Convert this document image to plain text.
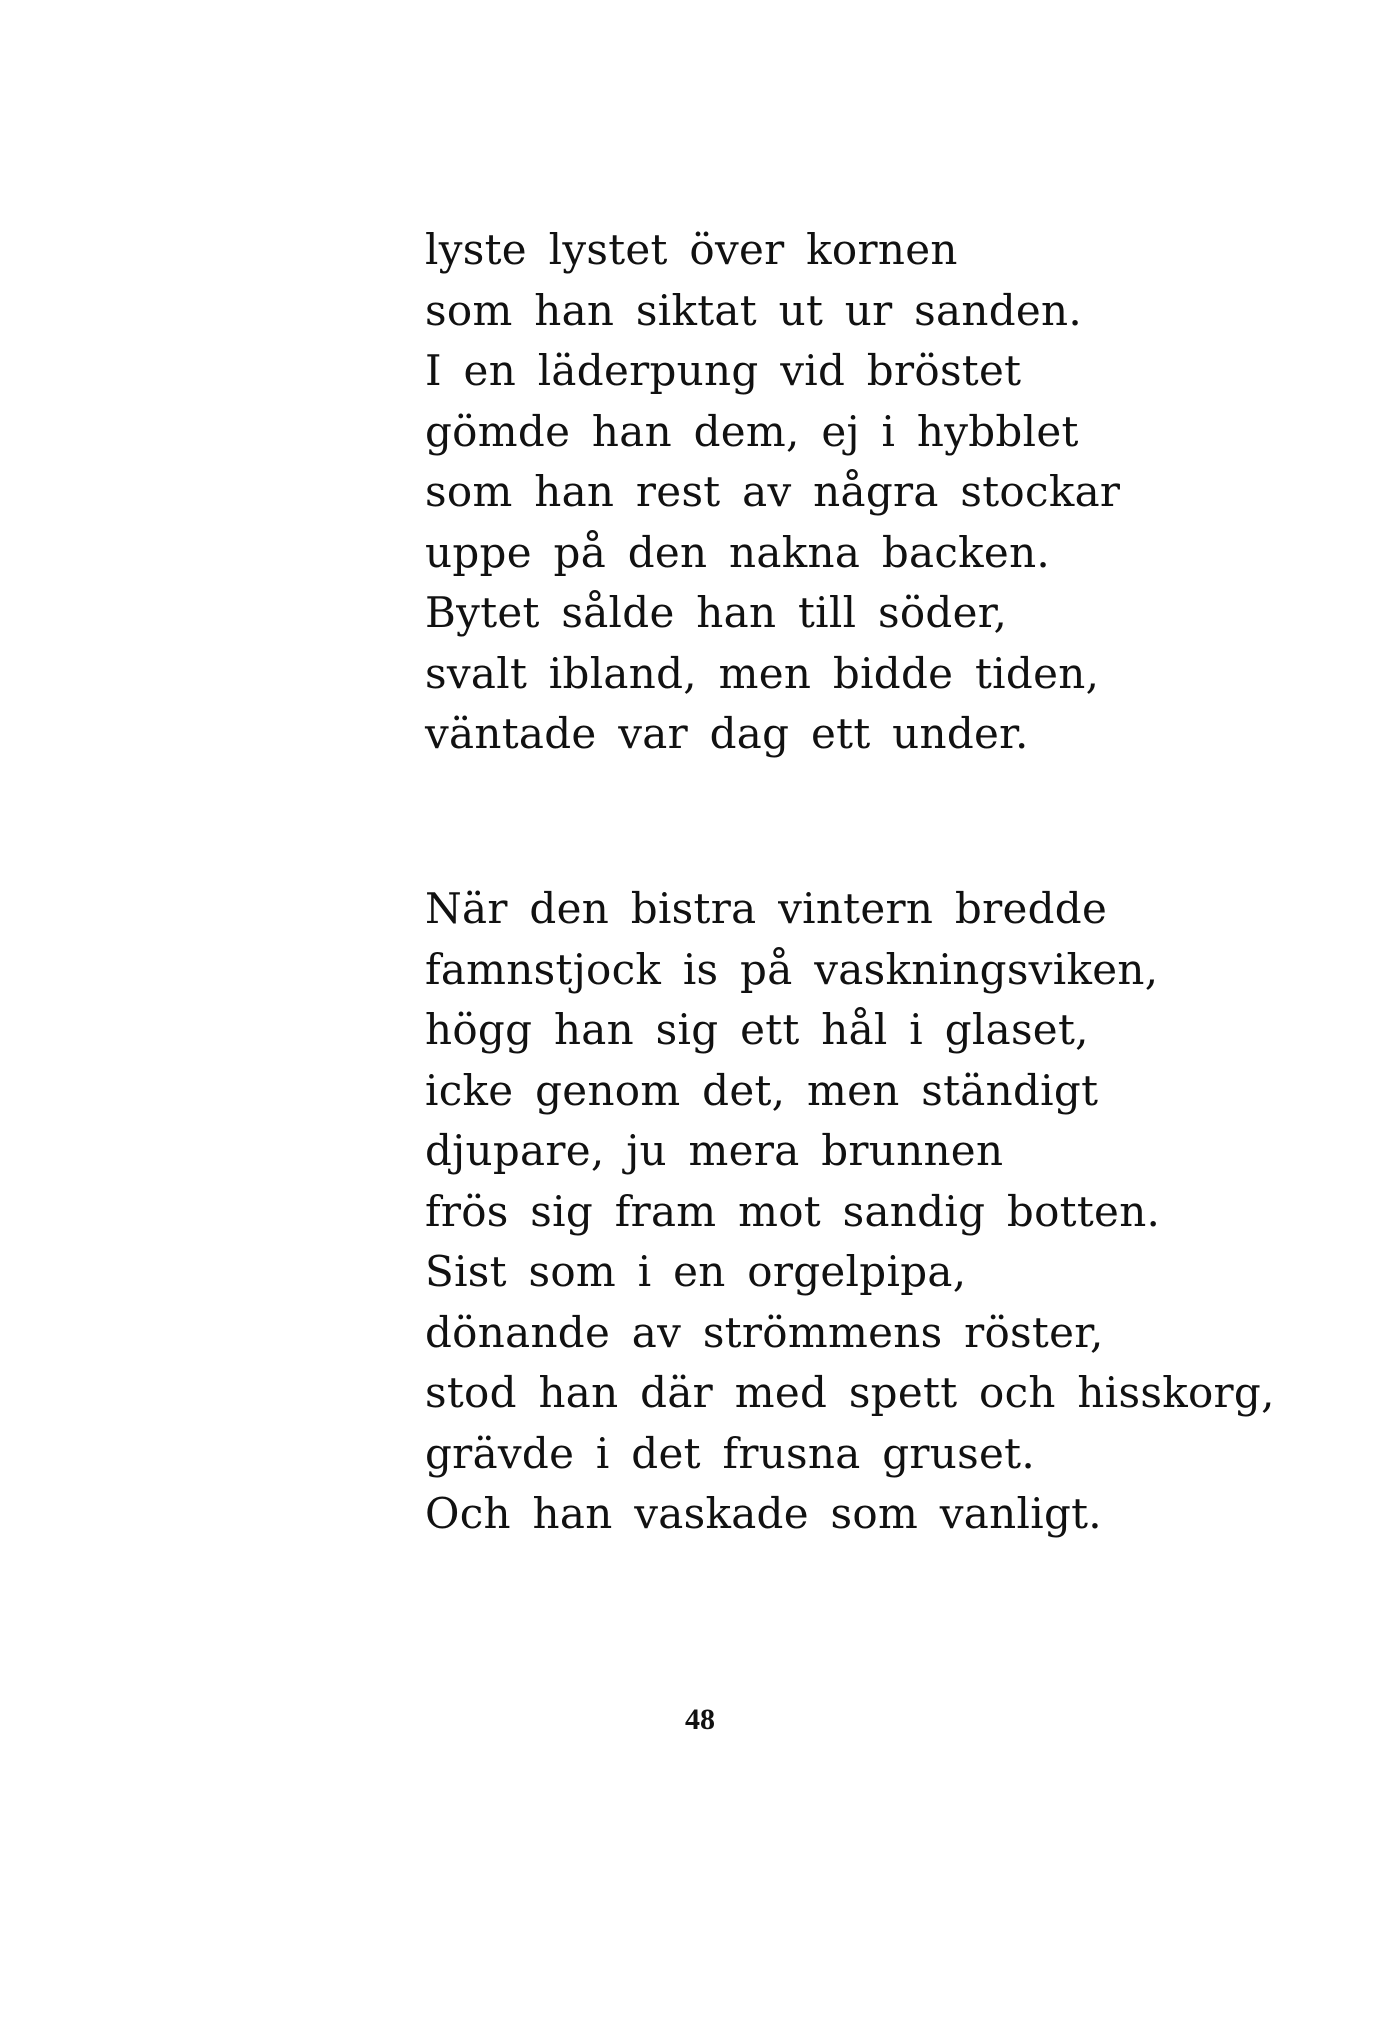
lyste lystet över kornen
som han siktat ut ur sanden.
I en läderpung vid bröstet
gömde han dem, ej i hybblet
som han rest av några stockar
uppe på den nakna backen.
Bytet sålde han till söder,
svalt ibland, men bidde tiden,
väntade var dag ett under.
När den bistra vintern bredde
famnstjock is på vaskningsviken,
högg han sig ett hål i glaset,
icke genom det, men ständigt
djupare, ju mera brunnen
frös sig fram mot sandig botten.
Sist som i en orgelpipa,
dönande av strömmens röster,
stod han där med spett och hisskorg,
grävde i det frusna gruset.
Och han vaskade som vanligt.
48
